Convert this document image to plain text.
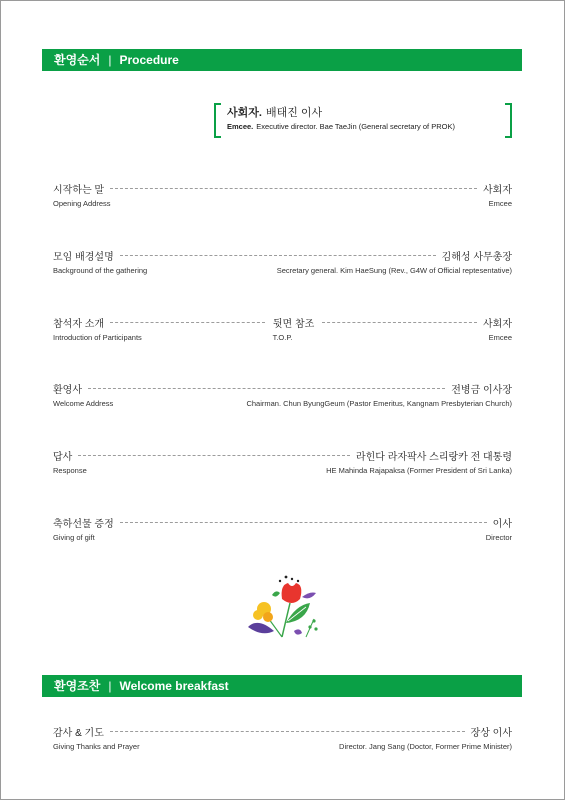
환영순서 | Procedure
사회자. 배태진 이사
Emcee. Executive director. Bae TaeJin (General secretary of PROK)
시작하는 말	사회자
Opening Address	Emcee
모임 배경설명	김해성 사무총장
Background of the gathering	Secretary general. Kim HaeSung (Rev., G4W of Official reptesentative)
참석자 소개	뒷면 참조	사회자
Introduction of Participants	T.O.P.	Emcee
환영사	전병금 이사장
Welcome Address	Chairman. Chun ByungGeum (Pastor Emeritus, Kangnam Presbyterian Church)
답사	라힌다 라자팍사 스리랑카 전 대통령
Response	HE Mahinda Rajapaksa (Former President of Sri Lanka)
축하선물 증정	이사
Giving of gift	Director
환영조찬 | Welcome breakfast
감사 & 기도	장상 이사
Giving Thanks and Prayer	Director. Jang Sang (Doctor, Former Prime Minister)
